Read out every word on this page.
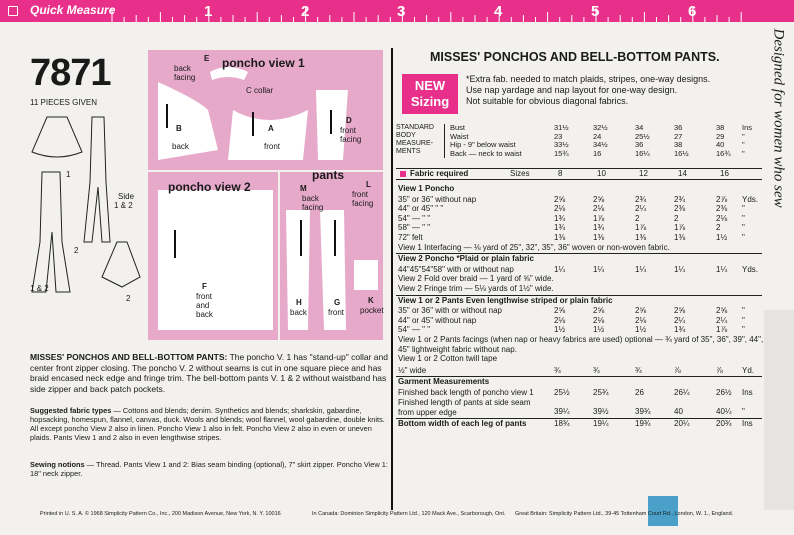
Quick Measure	1	2	3	4	5	6
7871
11 PIECES GIVEN
1
Side
1 & 2
2
1 & 2
2
poncho view 1
poncho view 2
pants
E
back
facing
C collar
B
back
A
front
D
front
facing
M
back
facing
L
front
facing
F
front
and
back
H
back
G
front
K
pocket
MISSES' PONCHOS AND BELL-BOTTOM PANTS: The poncho V. 1 has "stand-up" collar and center front zipper closing. The poncho V. 2 without seams is cut in one square piece and has braid encased neck edge and fringe trim. The bell-bottom pants V. 1 & 2 without waistband has side zipper and back patch pockets.
Suggested fabric types — Cottons and blends; denim. Synthetics and blends; sharkskin, gabardine, hopsacking, homespun, flannel, canvas, duck. Wools and blends; wool flannel, wool gabardine, double knits. All except poncho View 2 also in linen. Poncho View 1 also in felt. Poncho View 2 also in even or uneven plaids. Pants View 1 and 2 also in even lengthwise stripes.
Sewing notions — Thread. Pants View 1 and 2: Bias seam binding (optional), 7" skirt zipper. Poncho View 1: 18" neck zipper.
MISSES' PONCHOS AND BELL-BOTTOM PANTS.
NEW
Sizing
*Extra fab. needed to match plaids, stripes, one-way designs.
Use nap yardage and nap layout for one-way design.
Not suitable for obvious diagonal fabrics.
STANDARD
BODY
MEASURE-
MENTS
Bust	31½	32½	34	36	38 Ins
Waist	23	24	25½	27	29 "
Hip - 9" below waist	33½	34½	36	38	40 "
Back — neck to waist	15¾	16	16¼	16½	16¾ "
Fabric required	Sizes	8	10	12	14	16
View 1 Poncho
35" or 36" without nap	2⅝	2⅝	2¾	2¾	2⅞ Yds.
44" or 45" " "	2⅛	2⅛	2¼	2⅜	2⅜ "
54" — " "	1¾	1⅞	2	2	2⅛ "
58" — " "	1¾	1¾	1⅞	1⅞	2	"
72" felt	1⅜	1⅜	1⅜	1⅜	1½ "
View 1 Interfacing — ⅛ yard of 25", 32", 35", 36" woven or non-woven fabric.
View 2 Poncho *Plaid or plain fabric
44"45"54"58" with or without nap	1¼	1¼	1¼	1¼	1¼ Yds.
View 2 Fold over braid — 1 yard of ⅝" wide.
View 2 Fringe trim — 5⅛ yards of 1½" wide.
View 1 or 2 Pants Even lengthwise striped or plain fabric
35" or 36" with or without nap	2⅝	2⅝	2⅝	2⅝	2⅝ "
44" or 45" without nap	2⅛	2⅛	2⅛	2¼	2¼ "
54" — " "	1½	1½	1½	1¾	1⅞ "
View 1 or 2 Pants facings (when nap or heavy fabrics are used) optional — ¾ yard of 35", 36", 39", 44", 45" lightweight fabric without nap.
View 1 or 2 Cotton twill tape
½" wide	¾	¾	¾	⅞	⅞ Yd.
Garment Measurements
Finished back length of poncho view 1	25½	25¾	26	26¼	26½ Ins
Finished length of pants at side seam from upper edge	39¼	39½	39¾	40	40¼ "
Bottom width of each leg of pants	18¾	19¼	19¾	20¼	20¾ Ins
Designed for women who sew
Printed in U. S. A. © 1968 Simplicity Pattern Co., Inc., 200 Madison Avenue, New York, N. Y. 10016	In Canada: Dominion Simplicity Pattern Ltd., 120 Mack Ave., Scarborough, Ont. Great Britain: Simplicity Pattern Ltd., 39-45 Tottenham Court Rd., London, W. 1., England.
